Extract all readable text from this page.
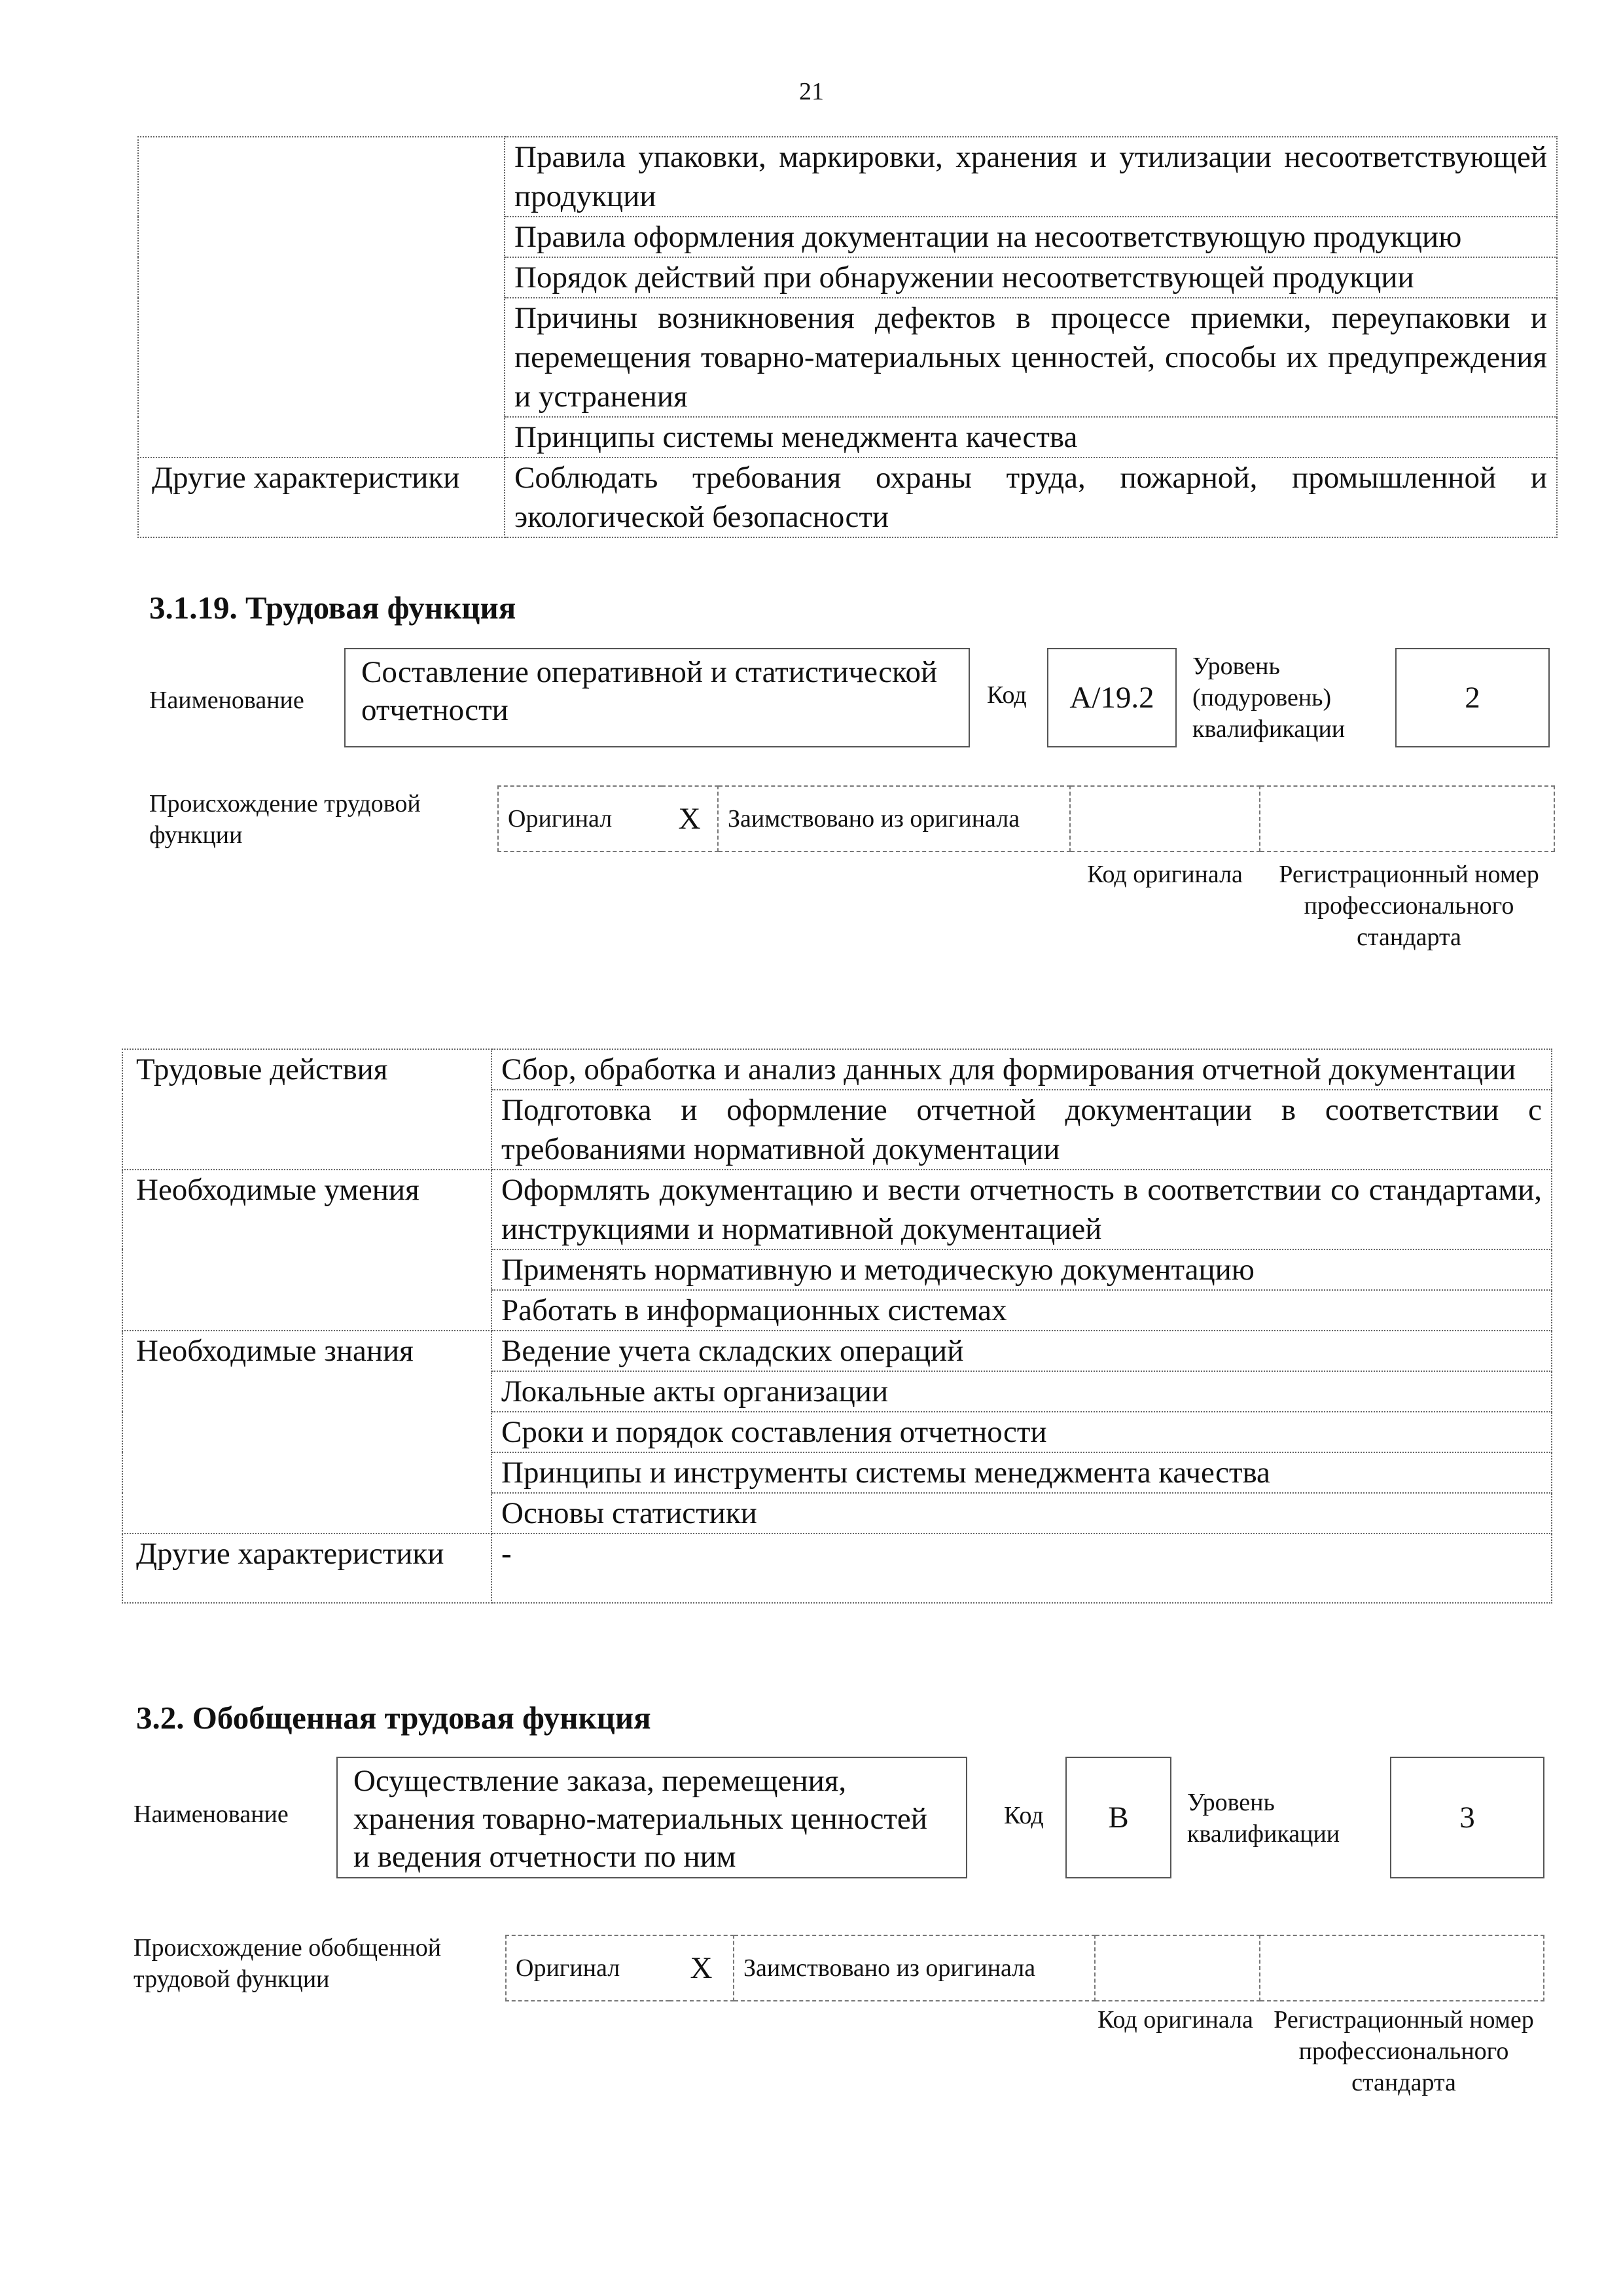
21
	Правила упаковки, маркировки, хранения и утилизации несоответствующей продукции
	Правила оформления документации на несоответствующую продукцию
	Порядок действий при обнаружении несоответствующей продукции
	Причины возникновения дефектов в процессе приемки, переупаковки и перемещения товарно-материальных ценностей, способы их предупреждения и устранения
	Принципы системы менеджмента качества
Другие характеристики	Соблюдать требования охраны труда, пожарной, промышленной и экологической безопасности
3.1.19. Трудовая функция
Наименование
Составление оперативной и статистической отчетности	Код	А/19.2
Уровень (подуровень) квалификации
2
Происхождение трудовой функции
Оригинал	X	Заимствовано из оригинала		
Код оригинала	Регистрационный номер профессионального стандарта
Трудовые действия	Сбор, обработка и анализ данных для формирования отчетной документации
	Подготовка и оформление отчетной документации в соответствии с требованиями нормативной документации
Необходимые умения	Оформлять документацию и вести отчетность в соответствии со стандартами, инструкциями и нормативной документацией
	Применять нормативную и методическую документацию
	Работать в информационных системах
Необходимые знания	Ведение учета складских операций
	Локальные акты организации
	Сроки и порядок составления отчетности
	Принципы и инструменты системы менеджмента качества
	Основы статистики
Другие характеристики	-
3.2. Обобщенная трудовая функция
Наименование
Осуществление заказа, перемещения, хранения товарно-материальных ценностей и ведения отчетности по ним
Код	В	Уровень квалификации	3
Происхождение обобщенной трудовой функции	Оригинал	X	Заимствовано из оригинала		
Код оригинала Регистрационный номер профессионального стандарта
